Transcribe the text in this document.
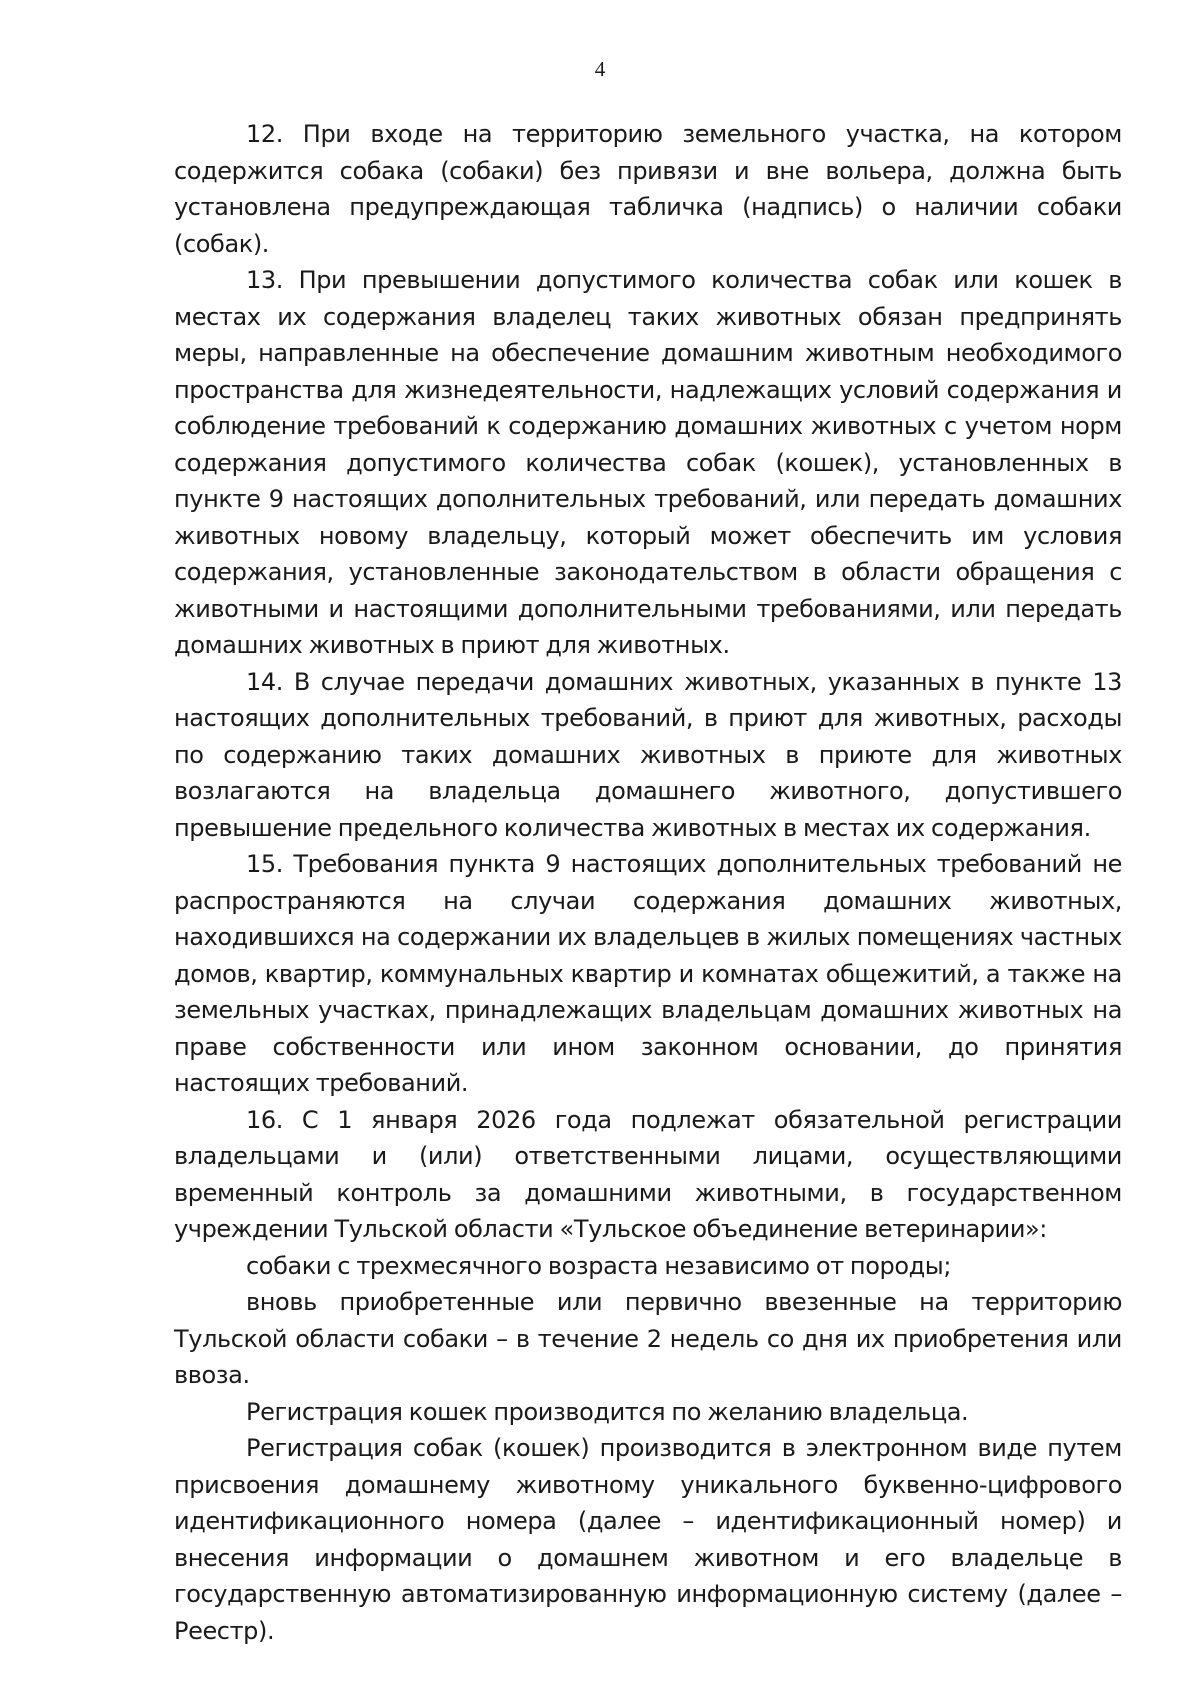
4

12. При входе на территорию земельного участка, на котором содержится собака (собаки) без привязи и вне вольера, должна быть установлена предупреждающая табличка (надпись) о наличии собаки (собак).

13. При превышении допустимого количества собак или кошек в местах их содержания владелец таких животных обязан предпринять меры, направленные на обеспечение домашним животным необходимого пространства для жизнедеятельности, надлежащих условий содержания и соблюдение требований к содержанию домашних животных с учетом норм содержания допустимого количества собак (кошек), установленных в пункте 9 настоящих дополнительных требований, или передать домашних животных новому владельцу, который может обеспечить им условия содержания, установленные законодательством в области обращения с животными и настоящими дополнительными требованиями, или передать домашних животных в приют для животных.

14. В случае передачи домашних животных, указанных в пункте 13 настоящих дополнительных требований, в приют для животных, расходы по содержанию таких домашних животных в приюте для животных возлагаются на владельца домашнего животного, допустившего превышение предельного количества животных в местах их содержания.

15. Требования пункта 9 настоящих дополнительных требований не распространяются на случаи содержания домашних животных, находившихся на содержании их владельцев в жилых помещениях частных домов, квартир, коммунальных квартир и комнатах общежитий, а также на земельных участках, принадлежащих владельцам домашних животных на праве собственности или ином законном основании, до принятия настоящих требований.

16. С 1 января 2026 года подлежат обязательной регистрации владельцами и (или) ответственными лицами, осуществляющими временный контроль за домашними животными, в государственном учреждении Тульской области «Тульское объединение ветеринарии»:

собаки с трехмесячного возраста независимо от породы;

вновь приобретенные или первично ввезенные на территорию Тульской области собаки – в течение 2 недель со дня их приобретения или ввоза.

Регистрация кошек производится по желанию владельца.

Регистрация собак (кошек) производится в электронном виде путем присвоения домашнему животному уникального буквенно-цифрового идентификационного номера (далее – идентификационный номер) и внесения информации о домашнем животном и его владельце в государственную автоматизированную информационную систему (далее – Реестр).
